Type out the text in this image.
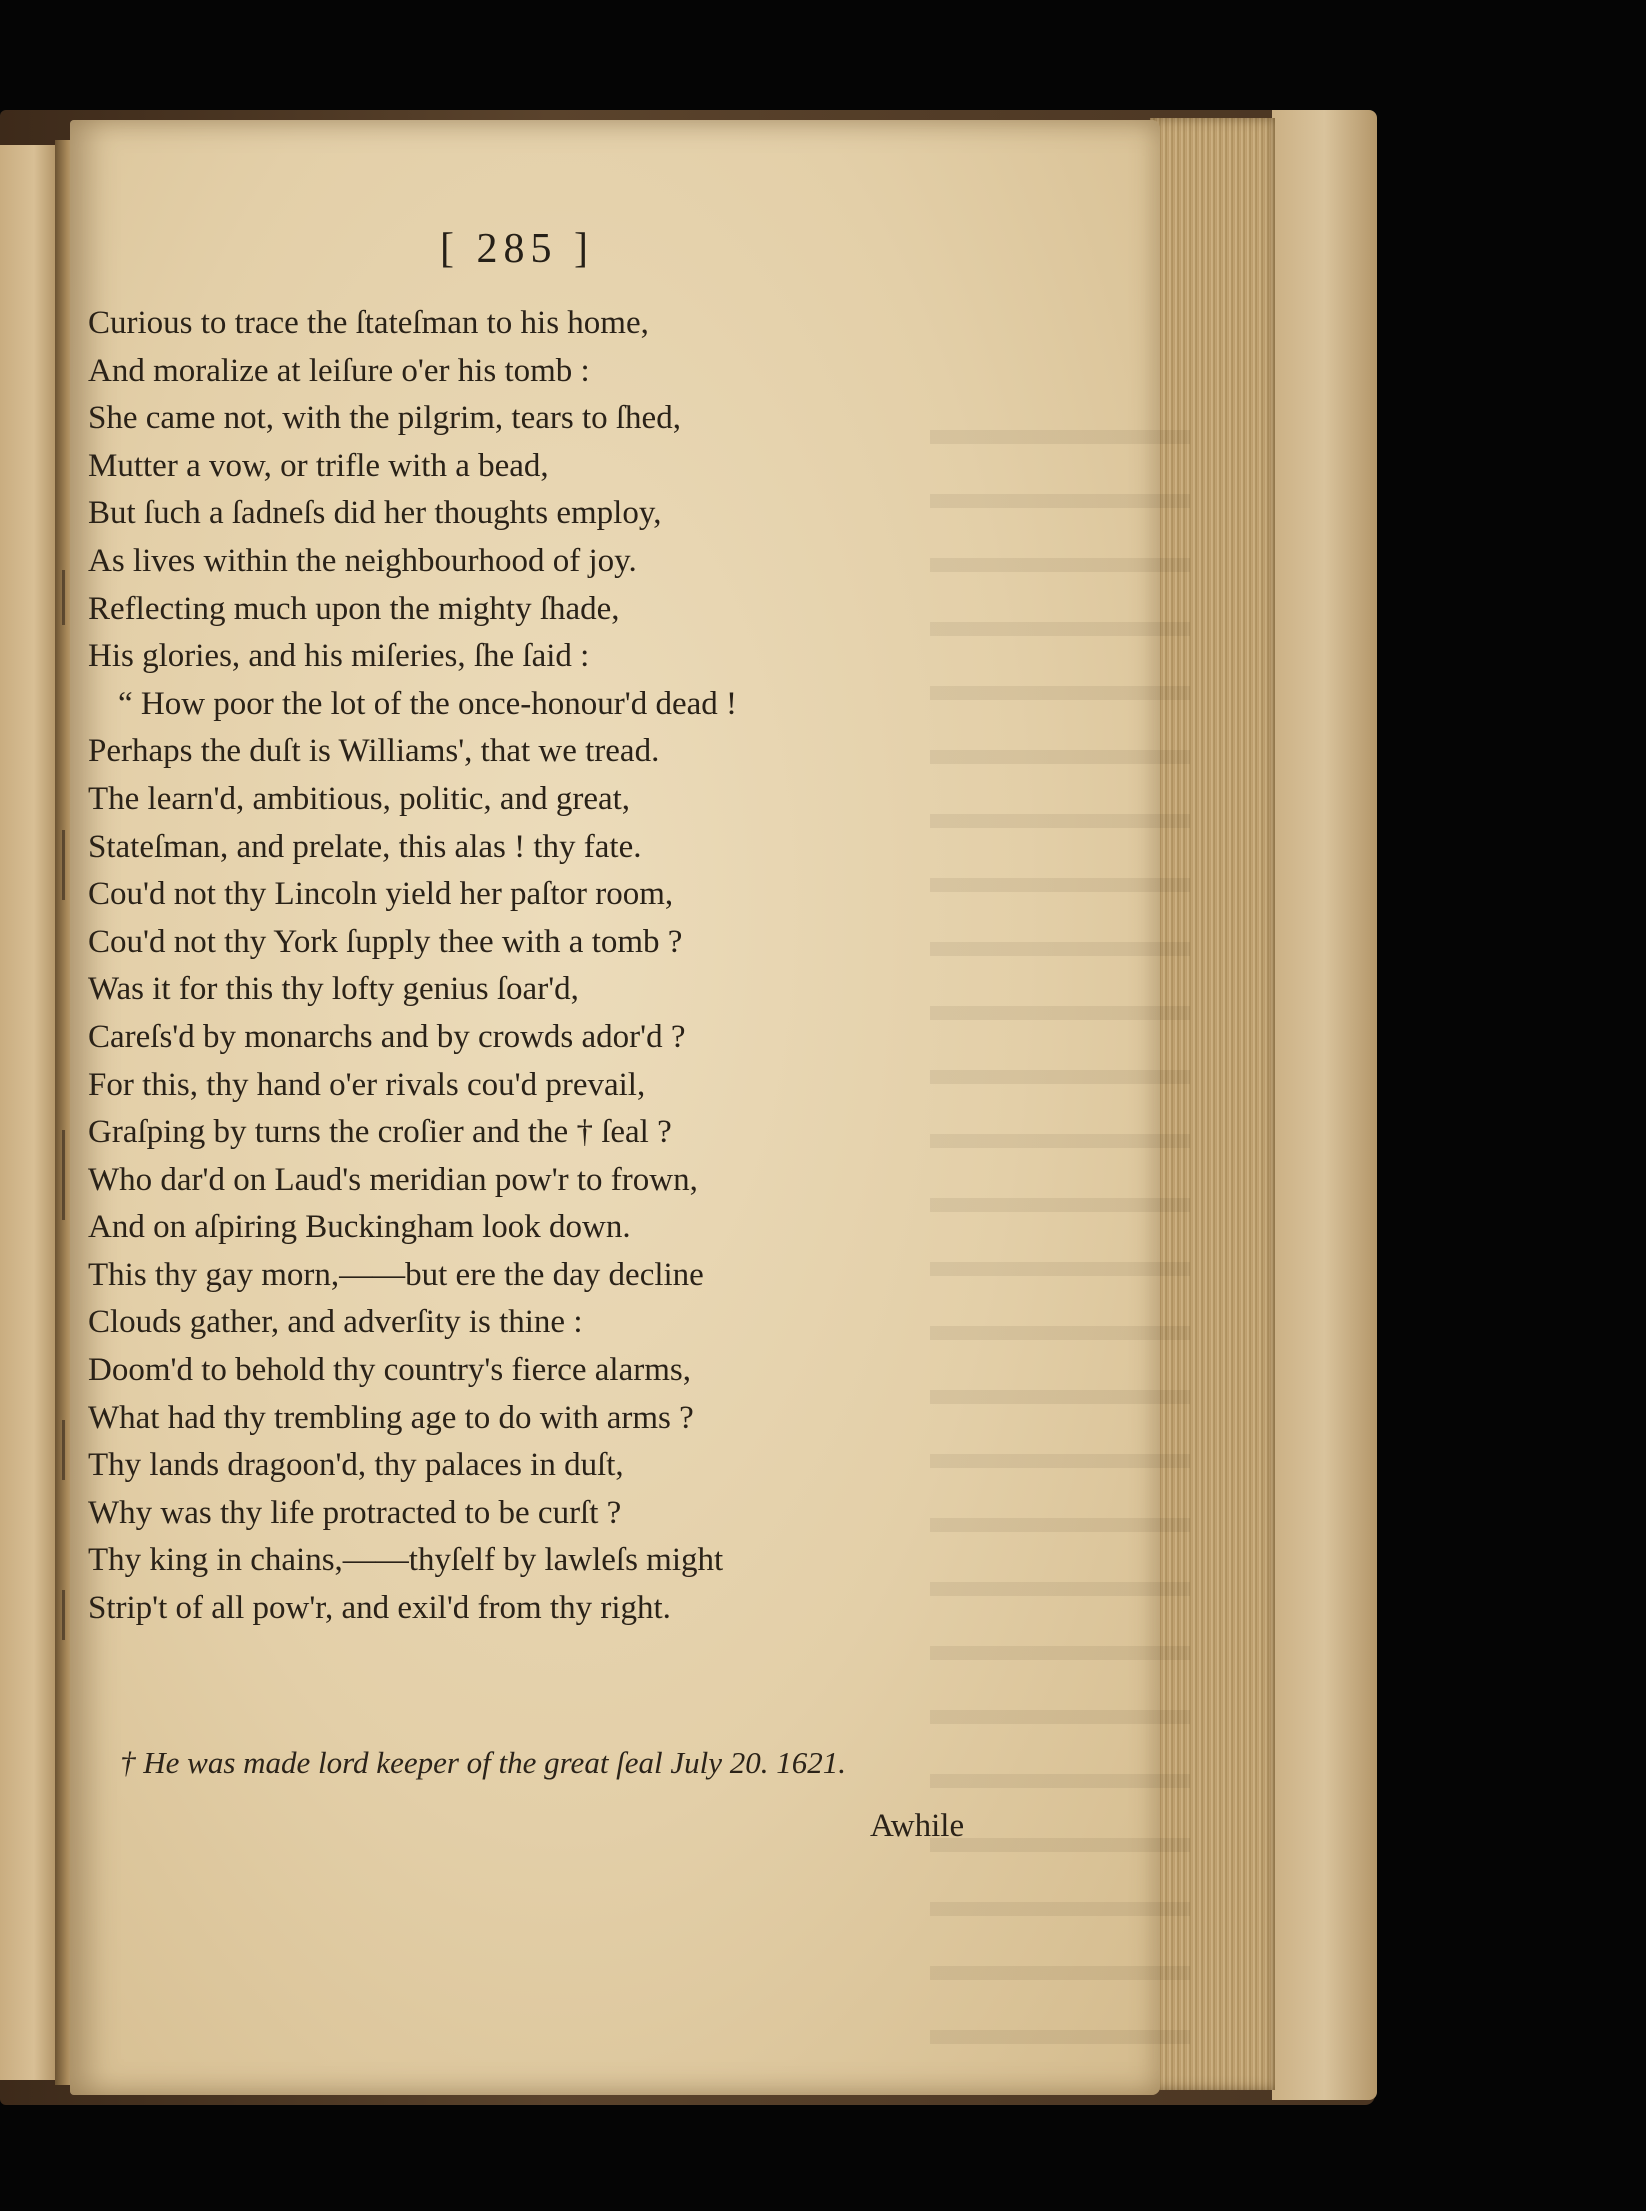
[ 285 ]
Curious to trace the ſtateſman to his home,
And moralize at leiſure o'er his tomb :
She came not, with the pilgrim, tears to ſhed,
Mutter a vow, or trifle with a bead,
But ſuch a ſadneſs did her thoughts employ,
As lives within the neighbourhood of joy.
Reflecting much upon the mighty ſhade,
His glories, and his miſeries, ſhe ſaid :
“ How poor the lot of the once-honour'd dead !
Perhaps the duſt is Williams', that we tread.
The learn'd, ambitious, politic, and great,
Stateſman, and prelate, this alas ! thy fate.
Cou'd not thy Lincoln yield her paſtor room,
Cou'd not thy York ſupply thee with a tomb ?
Was it for this thy lofty genius ſoar'd,
Careſs'd by monarchs and by crowds ador'd ?
For this, thy hand o'er rivals cou'd prevail,
Graſping by turns the croſier and the † ſeal ?
Who dar'd on Laud's meridian pow'r to frown,
And on aſpiring Buckingham look down.
This thy gay morn,——but ere the day decline
Clouds gather, and adverſity is thine :
Doom'd to behold thy country's fierce alarms,
What had thy trembling age to do with arms ?
Thy lands dragoon'd, thy palaces in duſt,
Why was thy life protracted to be curſt ?
Thy king in chains,——thyſelf by lawleſs might
Strip't of all pow'r, and exil'd from thy right.
† He was made lord keeper of the great ſeal July 20. 1621.
Awhile
